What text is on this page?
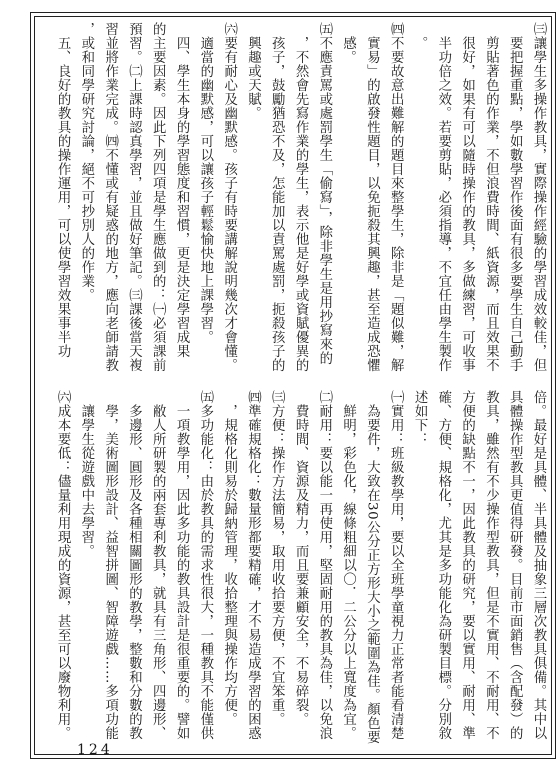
㈢讓學生多操作教具，實際操作經驗的學習成效較佳，但
　要把握重點，學如數學習作後面有很多要學生自己動手
　剪貼著色的作業，不但浪費時間、紙資源，而且效果不
　很好，如果有可以隨時操作的教具，多做練習，可收事
　半功倍之效。若要剪貼，必須指導，不宜任由學生製作
　。
㈣不要故意出難解的題目來整學生，除非是「題似難，解
　實易」的啟發性題目，以免扼殺其興趣，甚至造成恐懼
　感。
㈤不應責罵或處罰學生「偷寫」，除非學生是用抄寫來的
　，不然會先寫作業的學生，表示他是好學或資賦優異的
　孩子，鼓勵猶恐不及，怎能加以責罵處罰，扼殺孩子的
　興趣或天賦。
㈥要有耐心及幽默感。孩子有時要講解說明幾次才會懂。
　適當的幽默感，可以讓孩子輕鬆愉快地上課學習。
　四、學生本身的學習態度和習慣，更是決定學習成果
的主要因素。因此下列四項是學生應做到的：㈠必須課前
預習。㈡上課時認真學習，並且做好筆記。㈢課後當天複
習並將作業完成。㈣不懂或有疑惑的地方，應向老師請教
，或和同學研究討論，絕不可抄別人的作業。
　五、良好的教具的操作運用，可以使學習效果事半功
倍。最好是具體、半具體及抽象三層次教具俱備。其中以
具體操作型教具更值得研發。目前市面銷售（含配發）的
教具，雖然有不少操作型教具，但是不實用、不耐用、不
方便的缺點不一，因此教具的研究，要以實用、耐用、準
確、方便、規格化，尤其是多功能化為研製目標。分別敘
述如下：
㈠實用：班級教學用，要以全班學童視力正常者能看清楚
　為要件，大致在30公分正方形大小之範圍為佳。顏色要
　鮮明，彩色化，線條粗細以〇．二公分以上寬度為宜。
㈡耐用：要以能一再使用，堅固耐用的教具為佳，以免浪
　費時間、資源及精力，而且要兼顧安全，不易碎裂。
㈢方便：操作方法簡易，取用收拾要方便，不宜笨重。
㈣準確規格化：數量形都要精確，才不易造成學習的困惑
　，規格化則易於歸納管理，收拾整理與操作均方便。
㈤多功能化：由於教具的需求性很大，一種教具不能僅供
　一項教學用，因此多功能的教具設計是很重要的。譬如
　敝人所研製的兩套專利教具，就具有三角形、四邊形、
　多邊形、圓形及各種相關圖形的教學，整數和分數的教
　學，美術圖形設計、益智拼圖、智障遊戲……多項功能
　讓學生從遊戲中去學習。
㈥成本要低：儘量利用現成的資源，甚至可以廢物利用。
124
